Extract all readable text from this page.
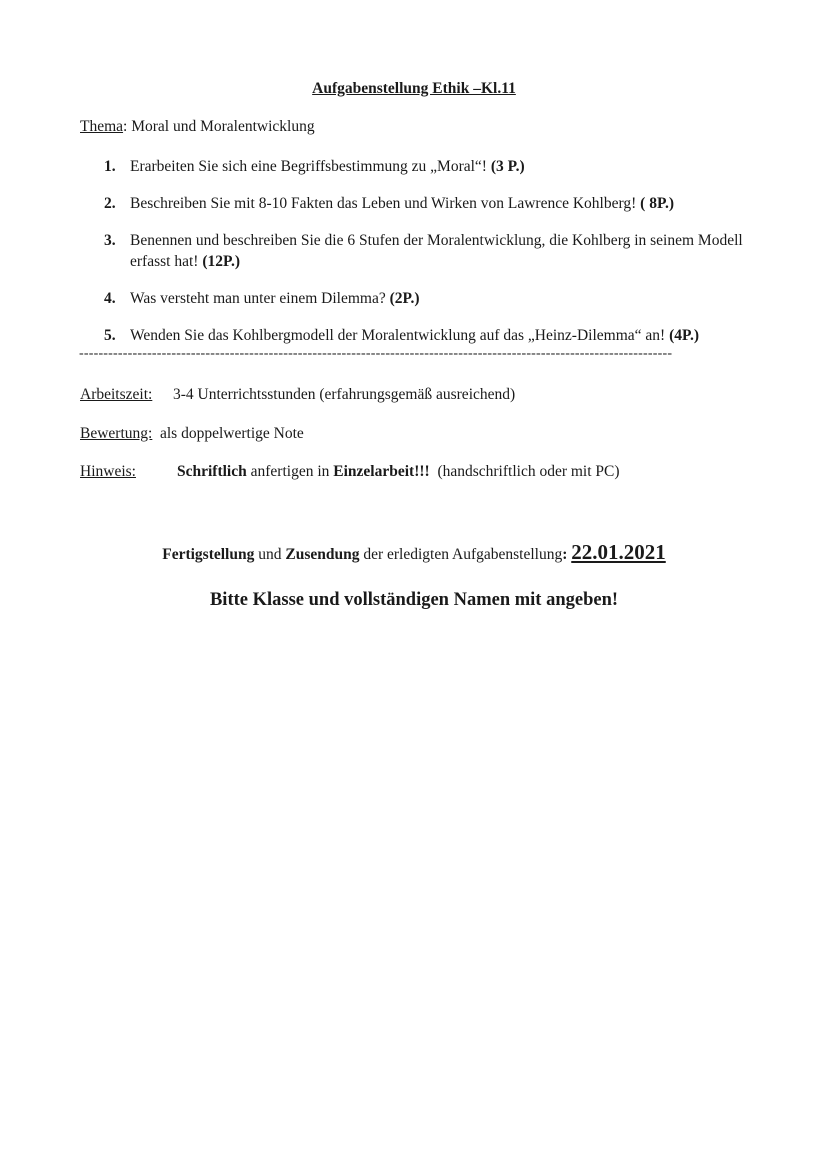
Aufgabenstellung Ethik –Kl.11
Thema: Moral und Moralentwicklung
1. Erarbeiten Sie sich eine Begriffsbestimmung zu „Moral“! (3 P.)
2. Beschreiben Sie mit 8-10 Fakten das Leben und Wirken von Lawrence Kohlberg! ( 8P.)
3. Benennen und beschreiben Sie die 6 Stufen der Moralentwicklung, die Kohlberg in seinem Modell erfasst hat! (12P.)
4. Was versteht man unter einem Dilemma? (2P.)
5. Wenden Sie das Kohlbergmodell der Moralentwicklung auf das „Heinz-Dilemma“ an! (4P.)
--------------------------------------------------------------------------------------------------------------------------
Arbeitszeit: 3-4 Unterrichtsstunden (erfahrungsgemäß ausreichend)
Bewertung: als doppelwertige Note
Hinweis:	Schriftlich anfertigen in Einzelarbeit!!!  (handschriftlich oder mit PC)
Fertigstellung und Zusendung der erledigten Aufgabenstellung: 22.01.2021
Bitte Klasse und vollständigen Namen mit angeben!
